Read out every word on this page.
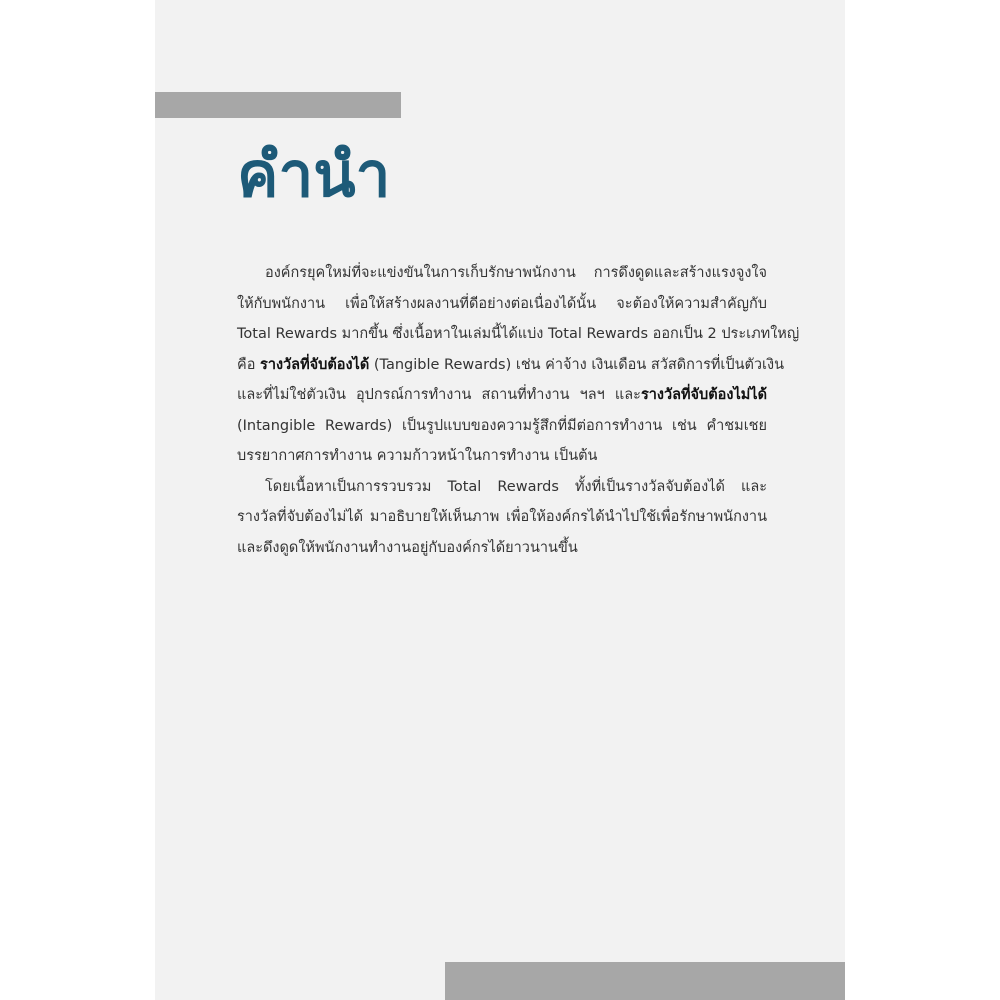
คำนำ
องค์กรยุคใหม่ที่จะแข่งขันในการเก็บรักษาพนักงาน การดึงดูดและสร้างแรงจูงใจ
ให้กับพนักงาน เพื่อให้สร้างผลงานที่ดีอย่างต่อเนื่องได้นั้น จะต้องให้ความสำคัญกับ
Total Rewards มากขึ้น ซึ่งเนื้อหาในเล่มนี้ได้แบ่ง Total Rewards ออกเป็น 2 ประเภทใหญ่
คือ รางวัลที่จับต้องได้ (Tangible Rewards) เช่น ค่าจ้าง เงินเดือน สวัสดิการที่เป็นตัวเงิน
และที่ไม่ใช่ตัวเงิน อุปกรณ์การทำงาน สถานที่ทำงาน ฯลฯ และรางวัลที่จับต้องไม่ได้
(Intangible Rewards) เป็นรูปแบบของความรู้สึกที่มีต่อการทำงาน เช่น คำชมเชย
บรรยากาศการทำงาน ความก้าวหน้าในการทำงาน เป็นต้น
โดยเนื้อหาเป็นการรวบรวม Total Rewards ทั้งที่เป็นรางวัลจับต้องได้ และ
รางวัลที่จับต้องไม่ได้ มาอธิบายให้เห็นภาพ เพื่อให้องค์กรได้นำไปใช้เพื่อรักษาพนักงาน
และดึงดูดให้พนักงานทำงานอยู่กับองค์กรได้ยาวนานขึ้น
